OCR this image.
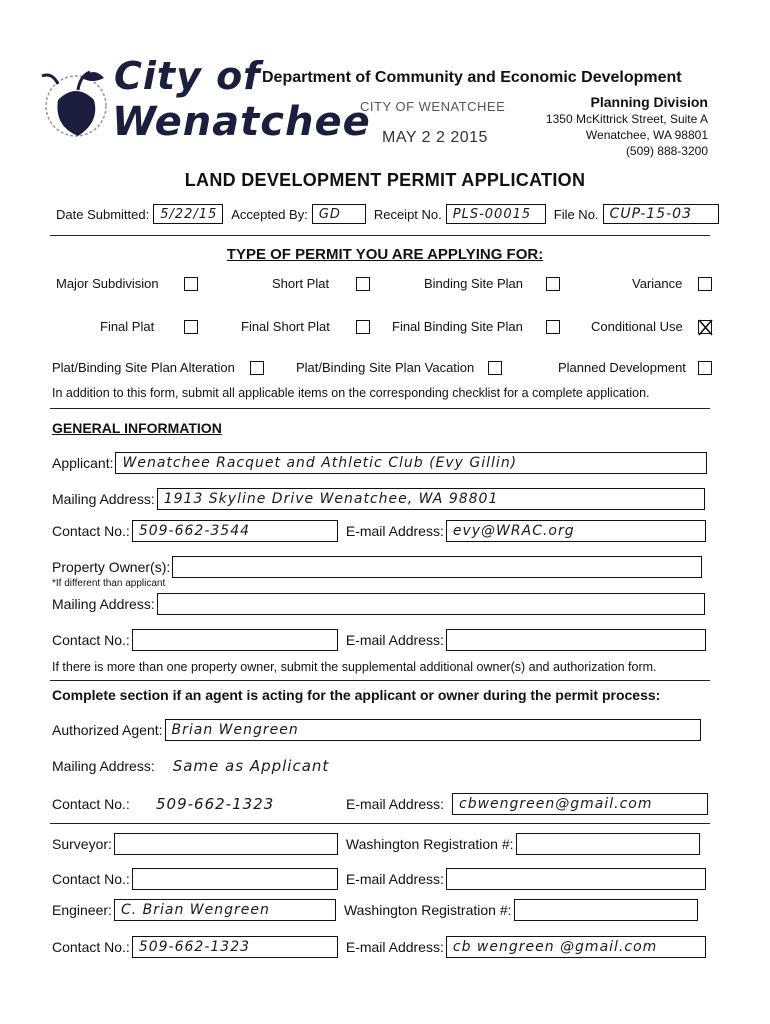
City of
Wenatchee
Department of Community and Economic Development
CITY OF WENATCHEE
MAY 2 2 2015
Planning Division
1350 McKittrick Street, Suite A
Wenatchee, WA 98801
(509) 888-3200
LAND DEVELOPMENT PERMIT APPLICATION
Date Submitted: 5/22/15	Accepted By: GD	Receipt No. PLS-00015	File No. CUP-15-03
TYPE OF PERMIT YOU ARE APPLYING FOR:
Major Subdivision	Short Plat	Binding Site Plan	Variance
Final Plat	Final Short Plat	Final Binding Site Plan	Conditional Use
Plat/Binding Site Plan Alteration	Plat/Binding Site Plan Vacation	Planned Development
In addition to this form, submit all applicable items on the corresponding checklist for a complete application.
GENERAL INFORMATION
Applicant: Wenatchee Racquet and Athletic Club (Evy Gillin)
Mailing Address: 1913 Skyline Drive Wenatchee, WA 98801
Contact No.: 509-662-3544	E-mail Address: evy@WRAC.org
Property Owner(s):
*If different than applicant
Mailing Address:
Contact No.:	E-mail Address:
If there is more than one property owner, submit the supplemental additional owner(s) and authorization form.
Complete section if an agent is acting for the applicant or owner during the permit process:
Authorized Agent: Brian Wengreen
Mailing Address: Same as Applicant
Contact No.: 509-662-1323	E-mail Address:	cbwengreen@gmail.com
Surveyor:	Washington Registration #:
Contact No.:	E-mail Address:
Engineer: C. Brian Wengreen	Washington Registration #:
Contact No.: 509-662-1323	E-mail Address: cb wengreen @gmail.com
